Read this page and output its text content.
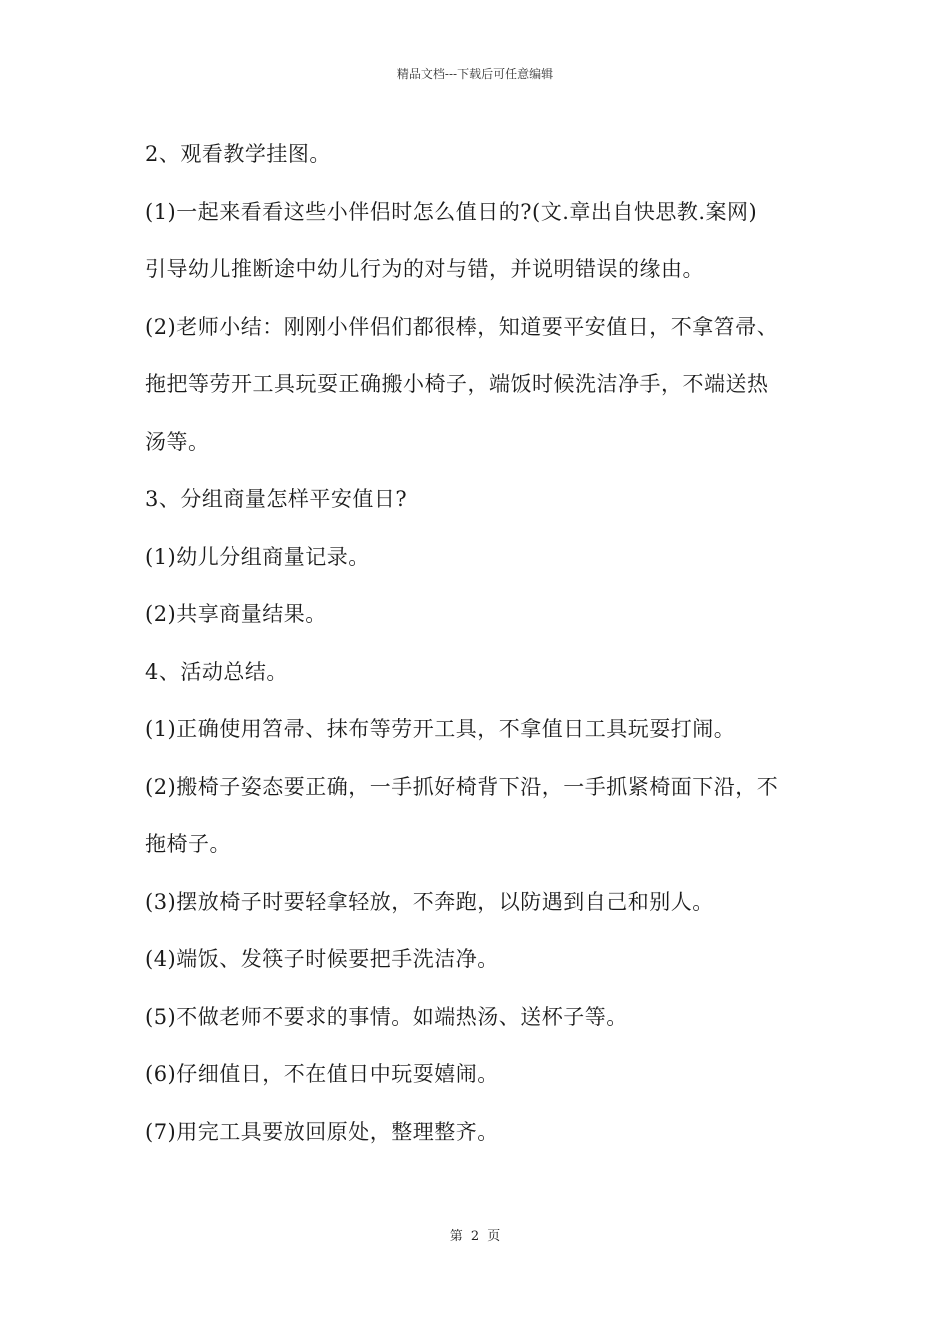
精品文档---下载后可任意编辑
2、观看教学挂图。
(1)一起来看看这些小伴侣时怎么值日的?(文.章出自快思教.案网)
引导幼儿推断途中幼儿行为的对与错，并说明错误的缘由。
(2)老师小结：刚刚小伴侣们都很棒，知道要平安值日，不拿笤帚、
拖把等劳开工具玩耍正确搬小椅子，端饭时候洗洁净手，不端送热
汤等。
3、分组商量怎样平安值日?
(1)幼儿分组商量记录。
(2)共享商量结果。
4、活动总结。
(1)正确使用笤帚、抹布等劳开工具，不拿值日工具玩耍打闹。
(2)搬椅子姿态要正确，一手抓好椅背下沿，一手抓紧椅面下沿，不
拖椅子。
(3)摆放椅子时要轻拿轻放，不奔跑，以防遇到自己和别人。
(4)端饭、发筷子时候要把手洗洁净。
(5)不做老师不要求的事情。如端热汤、送杯子等。
(6)仔细值日，不在值日中玩耍嬉闹。
(7)用完工具要放回原处，整理整齐。
第 2 页
